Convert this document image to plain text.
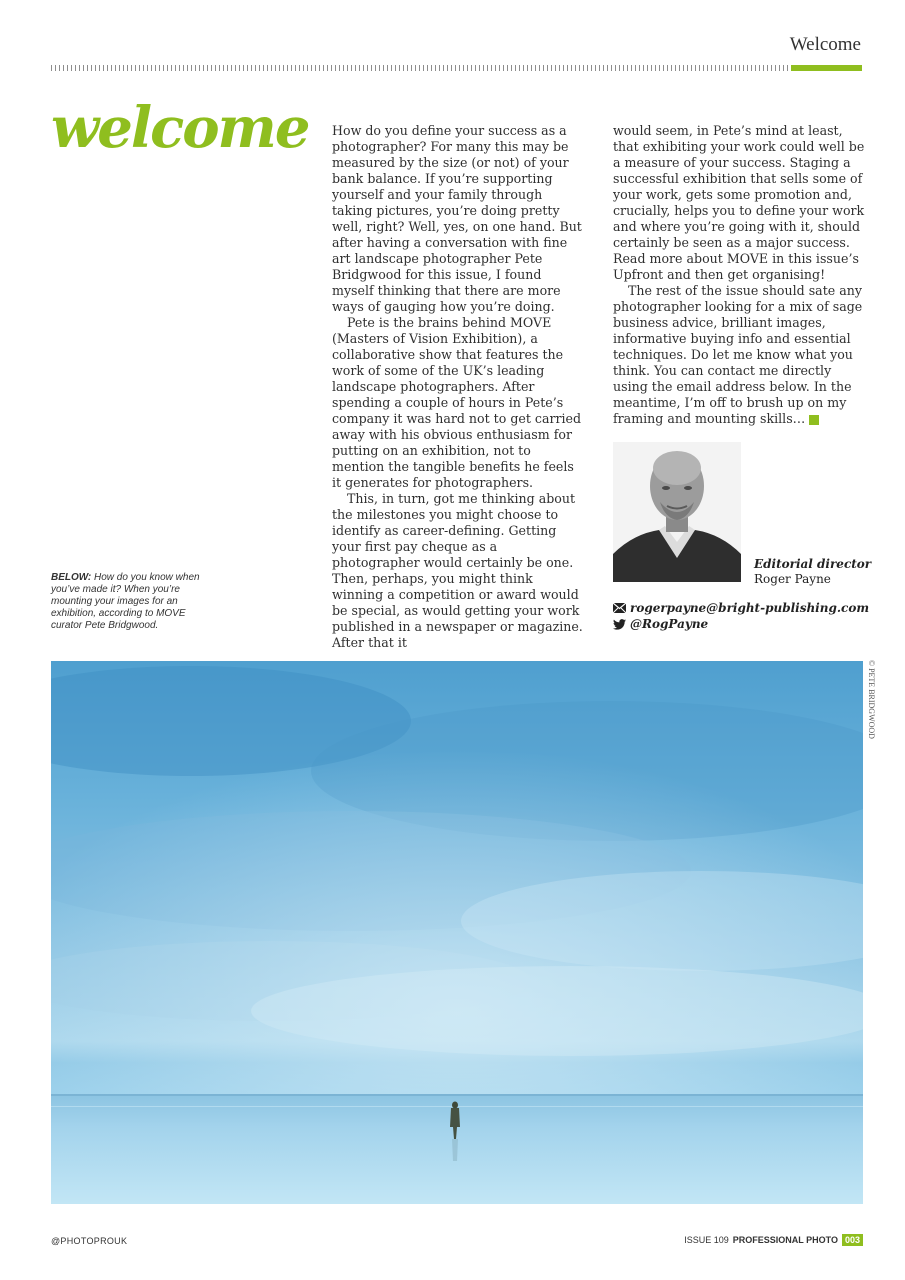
Welcome
welcome How do you define your success as a photographer? For many this may be measured by the size (or not) of your bank balance. If you’re supporting yourself and your family through taking pictures, you’re doing pretty well, right? Well, yes, on one hand. But after having a conversation with fine art landscape photographer Pete Bridgwood for this issue, I found myself thinking that there are more ways of gauging how you’re doing.

Pete is the brains behind MOVE (Masters of Vision Exhibition), a collaborative show that features the work of some of the UK’s leading landscape photographers. After spending a couple of hours in Pete’s company it was hard not to get carried away with his obvious enthusiasm for putting on an exhibition, not to mention the tangible benefits he feels it generates for photographers.

This, in turn, got me thinking about the milestones you might choose to identify as career-defining. Getting your first pay cheque as a photographer would certainly be one. Then, perhaps, you might think winning a competition or award would be special, as would getting your work published in a newspaper or magazine. After that it

would seem, in Pete’s mind at least, that exhibiting your work could well be a measure of your success. Staging a successful exhibition that sells some of your work, gets some promotion and, crucially, helps you to define your work and where you’re going with it, should certainly be seen as a major success. Read more about MOVE in this issue’s Upfront and then get organising!

The rest of the issue should sate any photographer looking for a mix of sage business advice, brilliant images, informative buying info and essential techniques. Do let me know what you think. You can contact me directly using the email address below. In the meantime, I’m off to brush up on my framing and mounting skills… ✕

BELOW: How do you know when you’ve made it? When you’re mounting your images for an exhibition, according to MOVE curator Pete Bridgwood.
Editorial director
Roger Payne
rogerpayne@bright-publishing.com
@RogPayne
© PETE BRIDGWOOD
@PHOTOPROUK	ISSUE 109 PROFESSIONAL PHOTO 003
